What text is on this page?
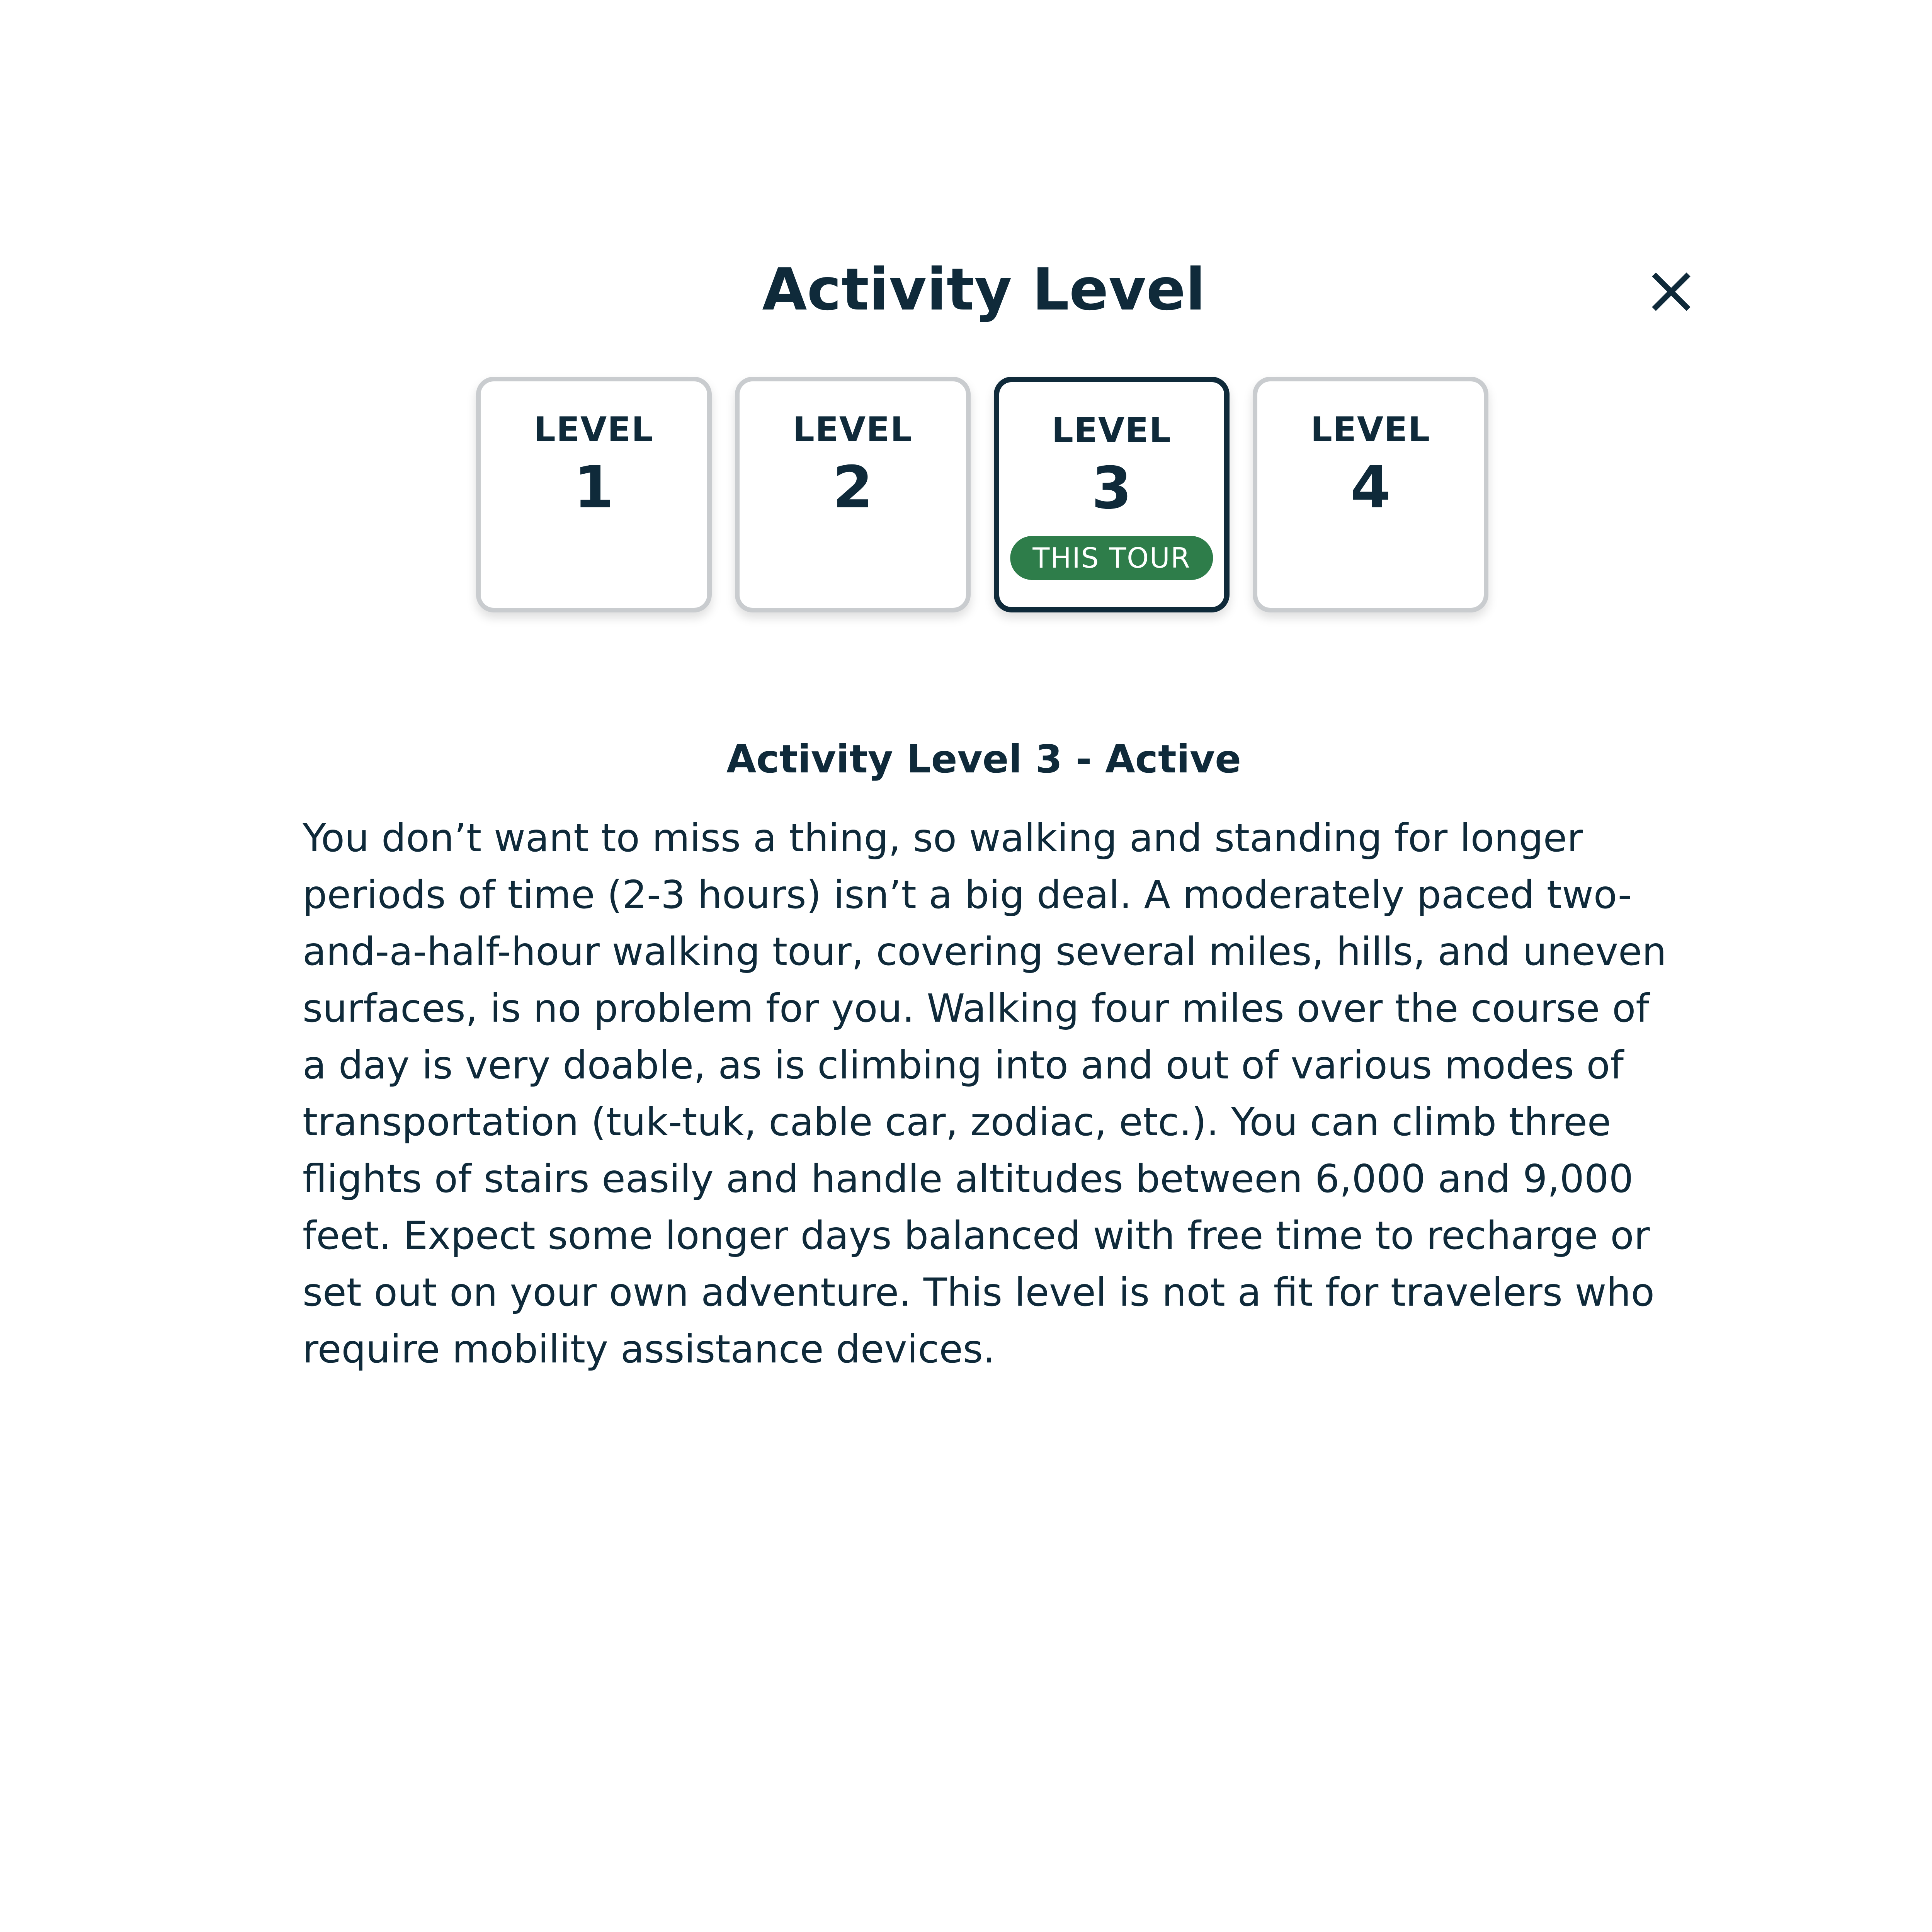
Activity Level
LEVEL
1
LEVEL
2
LEVEL
3
THIS TOUR
LEVEL
4
Activity Level 3 - Active

You don’t want to miss a thing, so walking and standing for longer periods of time (2-3 hours) isn’t a big deal. A moderately paced two-and-a-half-hour walking tour, covering several miles, hills, and uneven surfaces, is no problem for you. Walking four miles over the course of a day is very doable, as is climbing into and out of various modes of transportation (tuk-tuk, cable car, zodiac, etc.). You can climb three flights of stairs easily and handle altitudes between 6,000 and 9,000 feet. Expect some longer days balanced with free time to recharge or set out on your own adventure. This level is not a fit for travelers who require mobility assistance devices.
